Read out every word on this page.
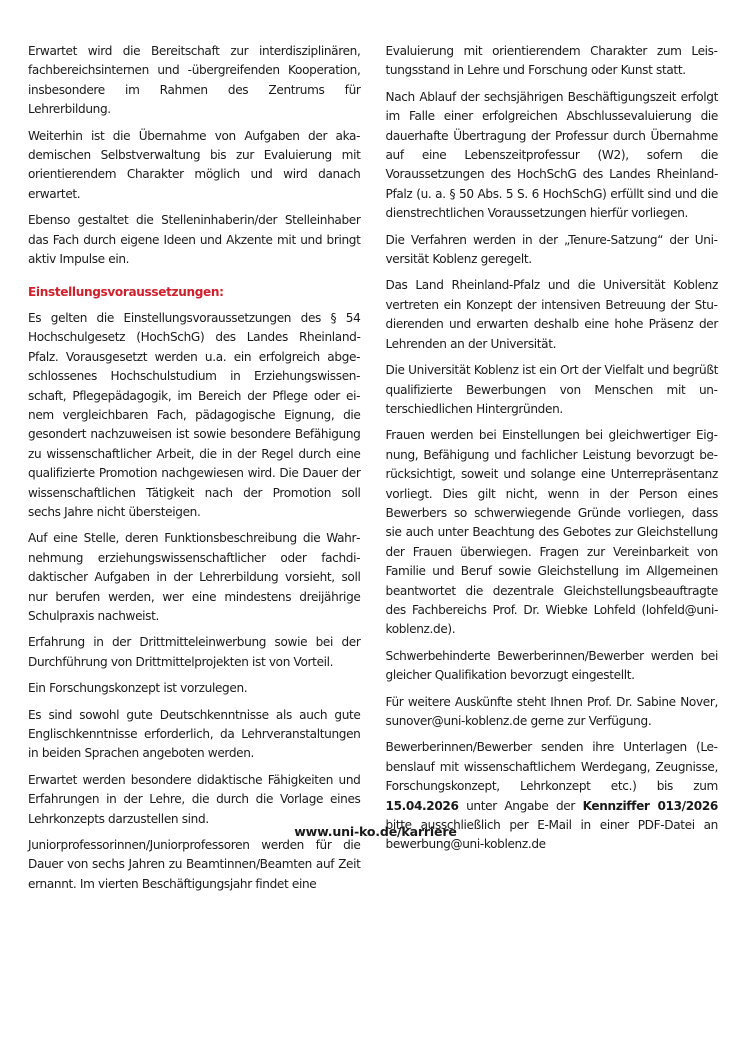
Erwartet wird die Bereitschaft zur interdisziplinären, fachbereichsinternen und -übergreifenden Kooperation, insbesondere im Rahmen des Zentrums für Lehrerbildung.

Weiterhin ist die Übernahme von Aufgaben der akademischen Selbstverwaltung bis zur Evaluierung mit orientierendem Charakter möglich und wird danach erwartet.

Ebenso gestaltet die Stelleninhaberin/der Stelleinhaber das Fach durch eigene Ideen und Akzente mit und bringt aktiv Impulse ein.

Einstellungsvoraussetzungen:

Es gelten die Einstellungsvoraussetzungen des § 54 Hochschulgesetz (HochSchG) des Landes Rheinland-Pfalz. Vorausgesetzt werden u.a. ein erfolgreich abgeschlossenes Hochschulstudium in Erziehungswissenschaft, Pflegepädagogik, im Bereich der Pflege oder einem vergleichbaren Fach, pädagogische Eignung, die gesondert nachzuweisen ist sowie besondere Befähigung zu wissenschaftlicher Arbeit, die in der Regel durch eine qualifizierte Promotion nachgewiesen wird. Die Dauer der wissenschaftlichen Tätigkeit nach der Promotion soll sechs Jahre nicht übersteigen.

Auf eine Stelle, deren Funktionsbeschreibung die Wahrnehmung erziehungswissenschaftlicher oder fachdidaktischer Aufgaben in der Lehrerbildung vorsieht, soll nur berufen werden, wer eine mindestens dreijährige Schulpraxis nachweist.

Erfahrung in der Drittmitteleinwerbung sowie bei der Durchführung von Drittmittelprojekten ist von Vorteil.

Ein Forschungskonzept ist vorzulegen.

Es sind sowohl gute Deutschkenntnisse als auch gute Englischkenntnisse erforderlich, da Lehrveranstaltungen in beiden Sprachen angeboten werden.

Erwartet werden besondere didaktische Fähigkeiten und Erfahrungen in der Lehre, die durch die Vorlage eines Lehrkonzepts darzustellen sind.

Juniorprofessorinnen/Juniorprofessoren werden für die Dauer von sechs Jahren zu Beamtinnen/Beamten auf Zeit ernannt. Im vierten Beschäftigungsjahr findet eine

Evaluierung mit orientierendem Charakter zum Leistungsstand in Lehre und Forschung oder Kunst statt.

Nach Ablauf der sechsjährigen Beschäftigungszeit erfolgt im Falle einer erfolgreichen Abschlussevaluierung die dauerhafte Übertragung der Professur durch Übernahme auf eine Lebenszeitprofessur (W2), sofern die Voraussetzungen des HochSchG des Landes Rheinland-Pfalz (u. a. § 50 Abs. 5 S. 6 HochSchG) erfüllt sind und die dienstrechtlichen Voraussetzungen hierfür vorliegen.

Die Verfahren werden in der „Tenure-Satzung“ der Universität Koblenz geregelt.

Das Land Rheinland-Pfalz und die Universität Koblenz vertreten ein Konzept der intensiven Betreuung der Studierenden und erwarten deshalb eine hohe Präsenz der Lehrenden an der Universität.

Die Universität Koblenz ist ein Ort der Vielfalt und begrüßt qualifizierte Bewerbungen von Menschen mit unterschiedlichen Hintergründen.

Frauen werden bei Einstellungen bei gleichwertiger Eignung, Befähigung und fachlicher Leistung bevorzugt berücksichtigt, soweit und solange eine Unterrepräsentanz vorliegt. Dies gilt nicht, wenn in der Person eines Bewerbers so schwerwiegende Gründe vorliegen, dass sie auch unter Beachtung des Gebotes zur Gleichstellung der Frauen überwiegen. Fragen zur Vereinbarkeit von Familie und Beruf sowie Gleichstellung im Allgemeinen beantwortet die dezentrale Gleichstellungsbeauftragte des Fachbereichs Prof. Dr. Wiebke Lohfeld (lohfeld@uni-koblenz.de).

Schwerbehinderte Bewerberinnen/Bewerber werden bei gleicher Qualifikation bevorzugt eingestellt.

Für weitere Auskünfte steht Ihnen Prof. Dr. Sabine Nover, sunover@uni-koblenz.de gerne zur Verfügung.

Bewerberinnen/Bewerber senden ihre Unterlagen (Lebenslauf mit wissenschaftlichem Werdegang, Zeugnisse, Forschungskonzept, Lehrkonzept etc.) bis zum 15.04.2026 unter Angabe der Kennziffer 013/2026 bitte ausschließlich per E-Mail in einer PDF-Datei an bewerbung@uni-koblenz.de

www.uni-ko.de/karriere
